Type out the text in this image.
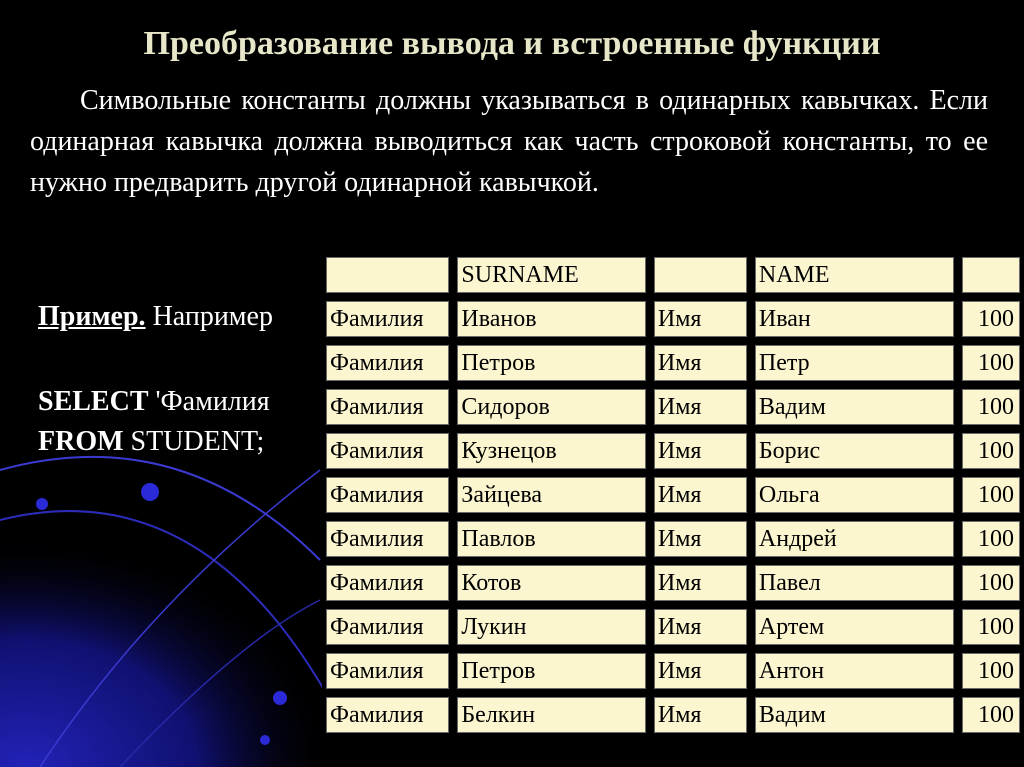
Преобразование вывода и встроенные функции
Символьные константы должны указываться в одинарных кавычках. Если одинарная кавычка должна выводиться как часть строковой константы, то ее нужно предварить другой одинарной кавычкой.
Пример. Например
SELECT 'Фамилия
FROM STUDENT;
	SURNAME		NAME	
Фамилия	Иванов	Имя	Иван	100
Фамилия	Петров	Имя	Петр	100
Фамилия	Сидоров	Имя	Вадим	100
Фамилия	Кузнецов	Имя	Борис	100
Фамилия	Зайцева	Имя	Ольга	100
Фамилия	Павлов	Имя	Андрей	100
Фамилия	Котов	Имя	Павел	100
Фамилия	Лукин	Имя	Артем	100
Фамилия	Петров	Имя	Антон	100
Фамилия	Белкин	Имя	Вадим	100
